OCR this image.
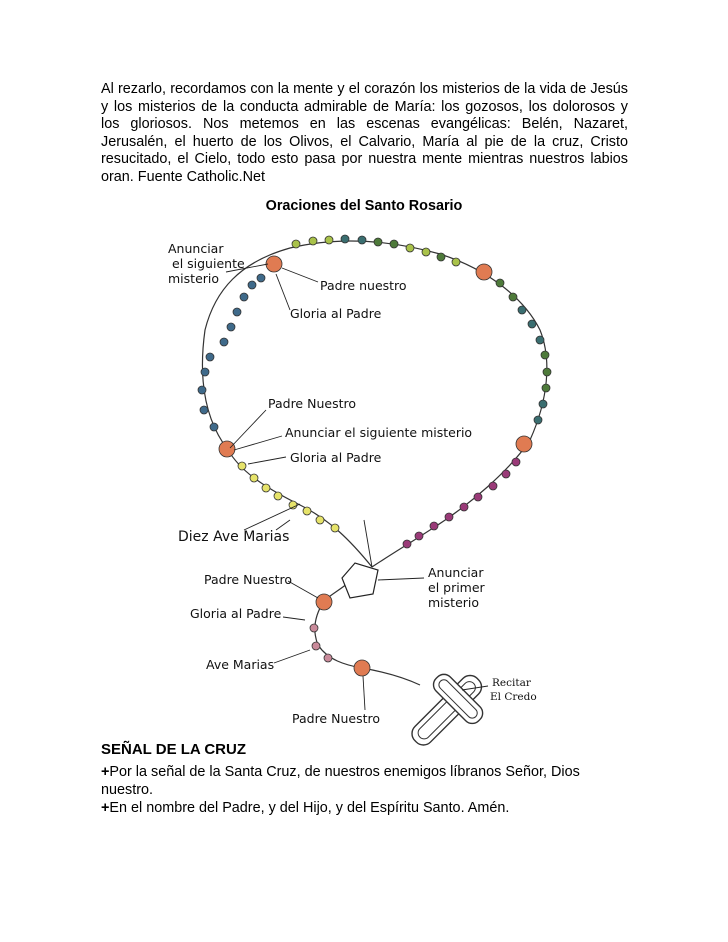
Al rezarlo, recordamos con la mente y el corazón los misterios de la vida de Jesús y los misterios de la conducta admirable de María: los gozosos, los dolorosos y los gloriosos. Nos metemos en las escenas evangélicas: Belén, Nazaret, Jerusalén, el huerto de los Olivos, el Calvario, María al pie de la cruz, Cristo resucitado, el Cielo, todo esto pasa por nuestra mente mientras nuestros labios oran. Fuente Catholic.Net

Oraciones del Santo Rosario

Anunciar
el siguiente
misterio	Padre nuestro
Gloria al Padre
Padre Nuestro
Anunciar el siguiente misterio
Gloria al Padre
Diez Ave Marias
Padre Nuestro	Anunciar
el primer
misterio
Gloria al Padre
Ave Marias
Padre Nuestro
Recitar
El Credo

SEÑAL DE LA CRUZ

+Por la señal de la Santa Cruz, de nuestros enemigos líbranos Señor, Dios nuestro.

+En el nombre del Padre, y del Hijo, y del Espíritu Santo. Amén.
